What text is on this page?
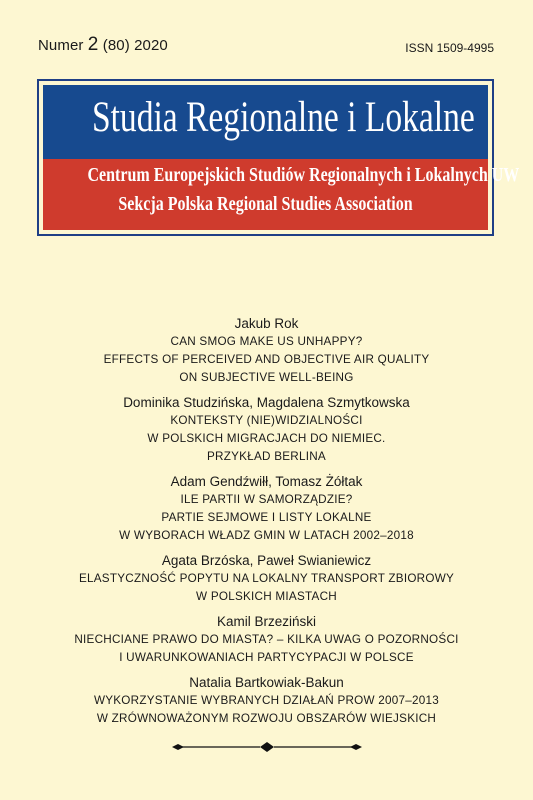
Numer 2 (80) 2020	ISSN 1509-4995
Studia Regionalne i Lokalne
Centrum Europejskich Studiów Regionalnych i Lokalnych UW
Sekcja Polska Regional Studies Association
Jakub Rok
CAN SMOG MAKE US UNHAPPY?
EFFECTS OF PERCEIVED AND OBJECTIVE AIR QUALITY
ON SUBJECTIVE WELL-BEING
Dominika Studzińska, Magdalena Szmytkowska
KONTEKSTY (NIE)WIDZIALNOŚCI
W POLSKICH MIGRACJACH DO NIEMIEC.
PRZYKŁAD BERLINA
Adam Gendźwiłł, Tomasz Żółtak
ILE PARTII W SAMORZĄDZIE?
PARTIE SEJMOWE I LISTY LOKALNE
W WYBORACH WŁADZ GMIN W LATACH 2002–2018
Agata Brzóska, Paweł Swianiewicz
ELASTYCZNOŚĆ POPYTU NA LOKALNY TRANSPORT ZBIOROWY
W POLSKICH MIASTACH
Kamil Brzeziński
NIECHCIANE PRAWO DO MIASTA? – KILKA UWAG O POZORNOŚCI
I UWARUNKOWANIACH PARTYCYPACJI W POLSCE
Natalia Bartkowiak-Bakun
WYKORZYSTANIE WYBRANYCH DZIAŁAŃ PROW 2007–2013
W ZRÓWNOWAŻONYM ROZWOJU OBSZARÓW WIEJSKICH
